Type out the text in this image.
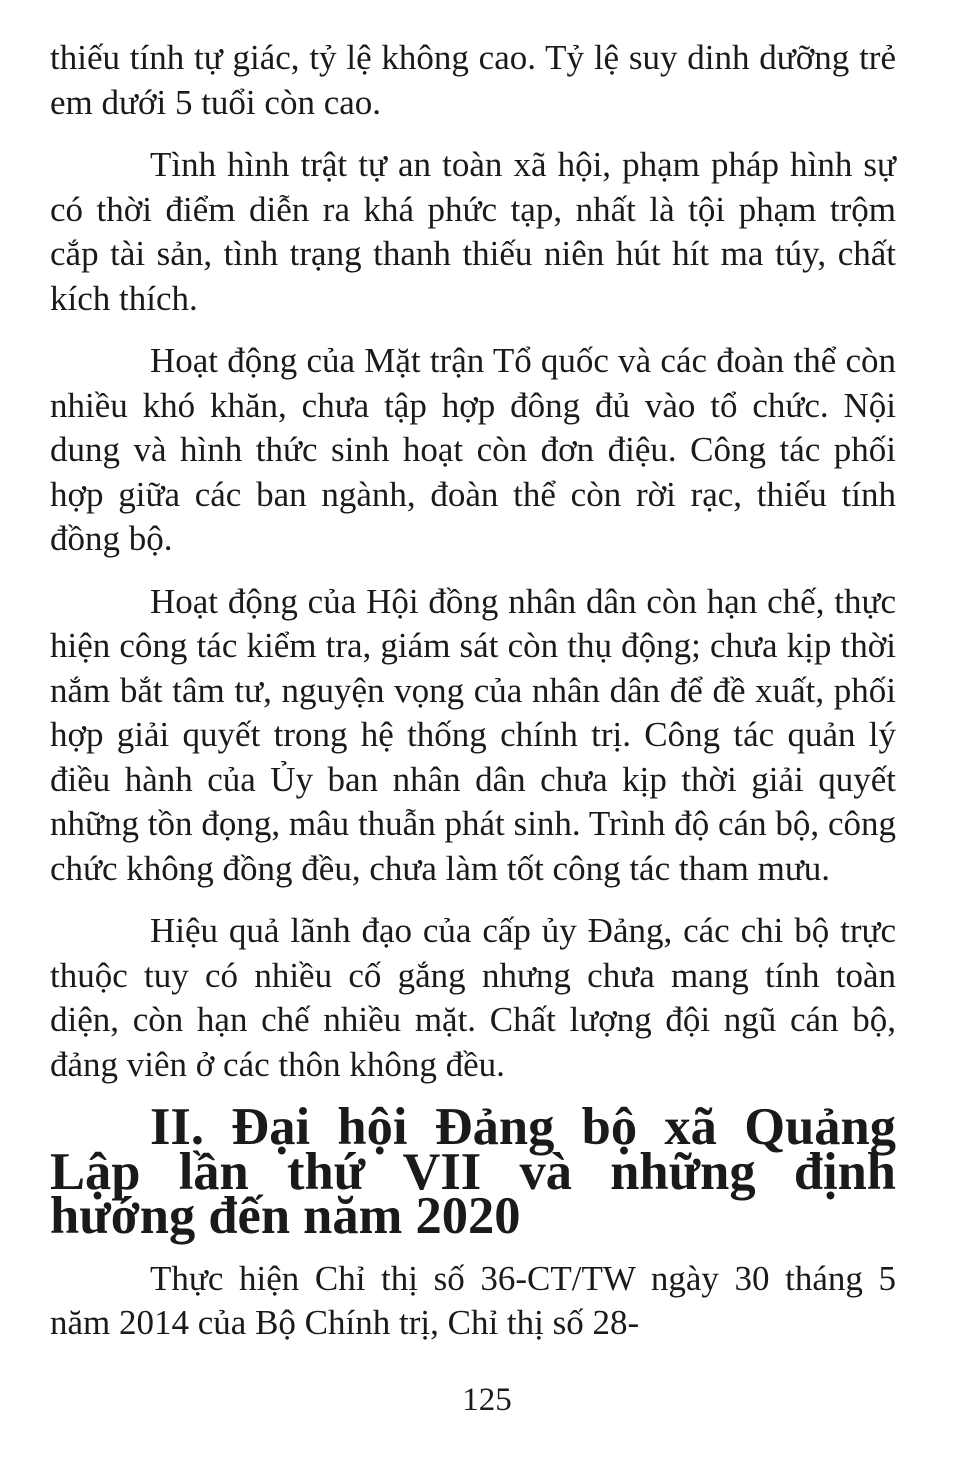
thiếu tính tự giác, tỷ lệ không cao. Tỷ lệ suy dinh dưỡng trẻ em dưới 5 tuổi còn cao.

Tình hình trật tự an toàn xã hội, phạm pháp hình sự có thời điểm diễn ra khá phức tạp, nhất là tội phạm trộm cắp tài sản, tình trạng thanh thiếu niên hút hít ma túy, chất kích thích.

Hoạt động của Mặt trận Tổ quốc và các đoàn thể còn nhiều khó khăn, chưa tập hợp đông đủ vào tổ chức. Nội dung và hình thức sinh hoạt còn đơn điệu. Công tác phối hợp giữa các ban ngành, đoàn thể còn rời rạc, thiếu tính đồng bộ.

Hoạt động của Hội đồng nhân dân còn hạn chế, thực hiện công tác kiểm tra, giám sát còn thụ động; chưa kịp thời nắm bắt tâm tư, nguyện vọng của nhân dân để đề xuất, phối hợp giải quyết trong hệ thống chính trị. Công tác quản lý điều hành của Ủy ban nhân dân chưa kịp thời giải quyết những tồn đọng, mâu thuẫn phát sinh. Trình độ cán bộ, công chức không đồng đều, chưa làm tốt công tác tham mưu.

Hiệu quả lãnh đạo của cấp ủy Đảng, các chi bộ trực thuộc tuy có nhiều cố gắng nhưng chưa mang tính toàn diện, còn hạn chế nhiều mặt. Chất lượng đội ngũ cán bộ, đảng viên ở các thôn không đều.

II. Đại hội Đảng bộ xã Quảng Lập lần thứ VII và những định hướng đến năm 2020

Thực hiện Chỉ thị số 36-CT/TW ngày 30 tháng 5 năm 2014 của Bộ Chính trị, Chỉ thị số 28-

125
